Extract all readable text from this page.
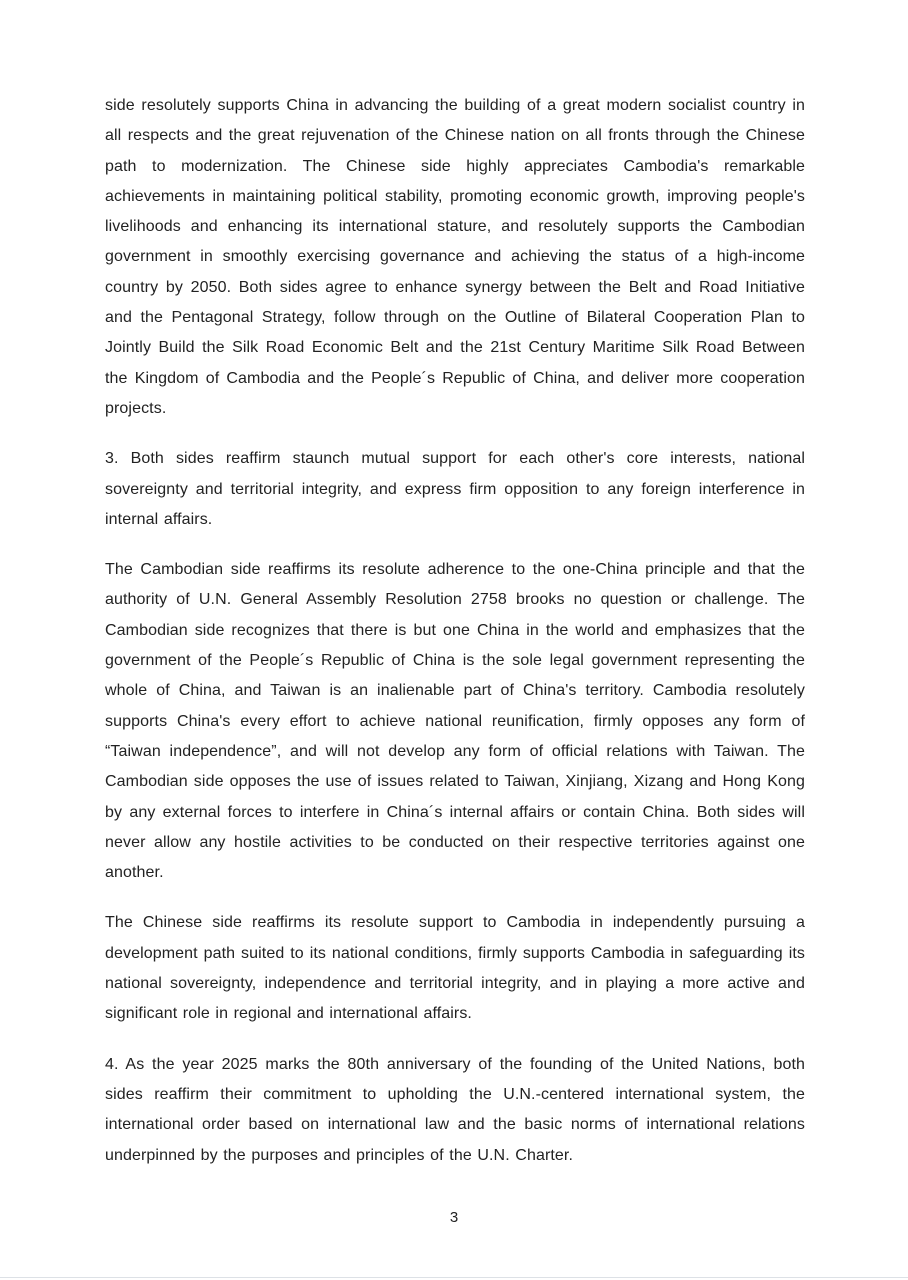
side resolutely supports China in advancing the building of a great modern socialist country in all respects and the great rejuvenation of the Chinese nation on all fronts through the Chinese path to modernization. The Chinese side highly appreciates Cambodia's remarkable achievements in maintaining political stability, promoting economic growth, improving people's livelihoods and enhancing its international stature, and resolutely supports the Cambodian government in smoothly exercising governance and achieving the status of a high-income country by 2050. Both sides agree to enhance synergy between the Belt and Road Initiative and the Pentagonal Strategy, follow through on the Outline of Bilateral Cooperation Plan to Jointly Build the Silk Road Economic Belt and the 21st Century Maritime Silk Road Between the Kingdom of Cambodia and the People´s Republic of China, and deliver more cooperation projects.

3. Both sides reaffirm staunch mutual support for each other's core interests, national sovereignty and territorial integrity, and express firm opposition to any foreign interference in internal affairs.

The Cambodian side reaffirms its resolute adherence to the one-China principle and that the authority of U.N. General Assembly Resolution 2758 brooks no question or challenge. The Cambodian side recognizes that there is but one China in the world and emphasizes that the government of the People´s Republic of China is the sole legal government representing the whole of China, and Taiwan is an inalienable part of China's territory. Cambodia resolutely supports China's every effort to achieve national reunification, firmly opposes any form of “Taiwan independence”, and will not develop any form of official relations with Taiwan. The Cambodian side opposes the use of issues related to Taiwan, Xinjiang, Xizang and Hong Kong by any external forces to interfere in China´s internal affairs or contain China. Both sides will never allow any hostile activities to be conducted on their respective territories against one another.

The Chinese side reaffirms its resolute support to Cambodia in independently pursuing a development path suited to its national conditions, firmly supports Cambodia in safeguarding its national sovereignty, independence and territorial integrity, and in playing a more active and significant role in regional and international affairs.

4. As the year 2025 marks the 80th anniversary of the founding of the United Nations, both sides reaffirm their commitment to upholding the U.N.-centered international system, the international order based on international law and the basic norms of international relations underpinned by the purposes and principles of the U.N. Charter.

3
